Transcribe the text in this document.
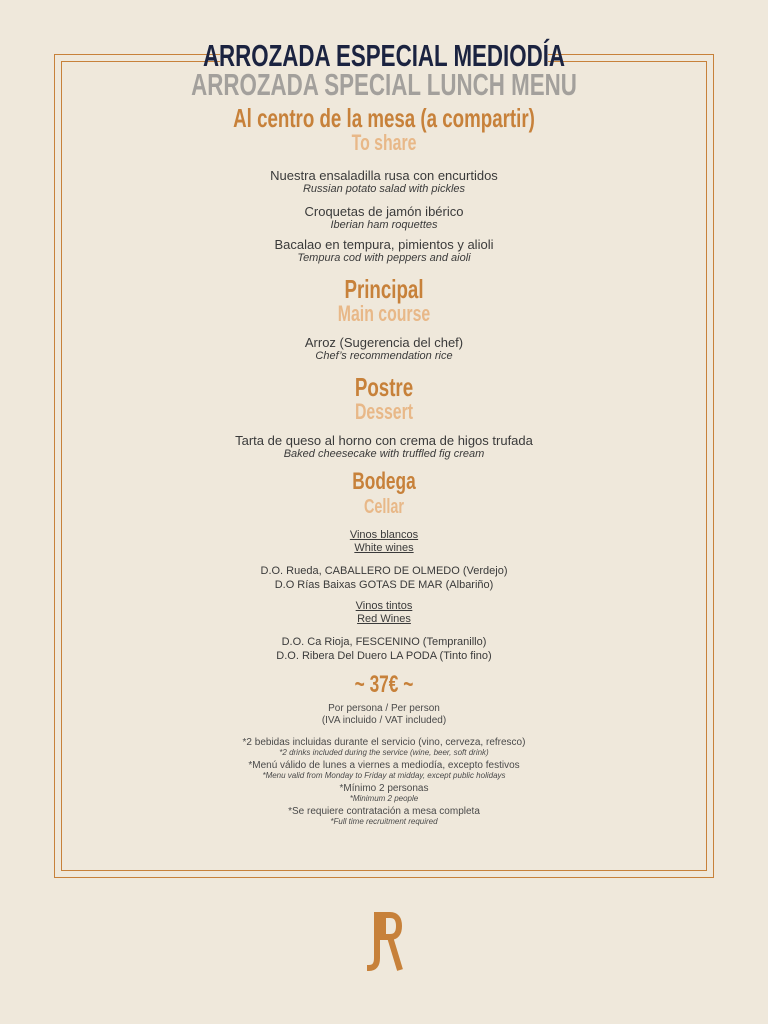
ARROZADA ESPECIAL MEDIODÍA
ARROZADA SPECIAL LUNCH MENU
Al centro de la mesa (a compartir)
To share
Nuestra ensaladilla rusa con encurtidos
Russian potato salad with pickles
Croquetas de jamón ibérico
Iberian ham roquettes
Bacalao en tempura, pimientos y alioli
Tempura cod with peppers and aioli
Principal
Main course
Arroz (Sugerencia del chef)
Chef’s recommendation rice
Postre
Dessert
Tarta de queso al horno con crema de higos trufada
Baked cheesecake with truffled fig cream
Bodega
Cellar
Vinos blancos
White wines
D.O. Rueda, CABALLERO DE OLMEDO (Verdejo)
D.O Rías Baixas GOTAS DE MAR (Albariño)
Vinos tintos
Red Wines
D.O. Ca Rioja, FESCENINO (Tempranillo)
D.O. Ribera Del Duero LA PODA (Tinto fino)
~ 37€ ~
Por persona / Per person
(IVA incluido / VAT included)
*2 bebidas incluidas durante el servicio (vino, cerveza, refresco)
*2 drinks included during the service (wine, beer, soft drink)
*Menú válido de lunes a viernes a mediodía, excepto festivos
*Menu valid from Monday to Friday at midday, except public holidays
*Mínimo 2 personas
*Minimum 2 people
*Se requiere contratación a mesa completa
*Full time recruitment required
